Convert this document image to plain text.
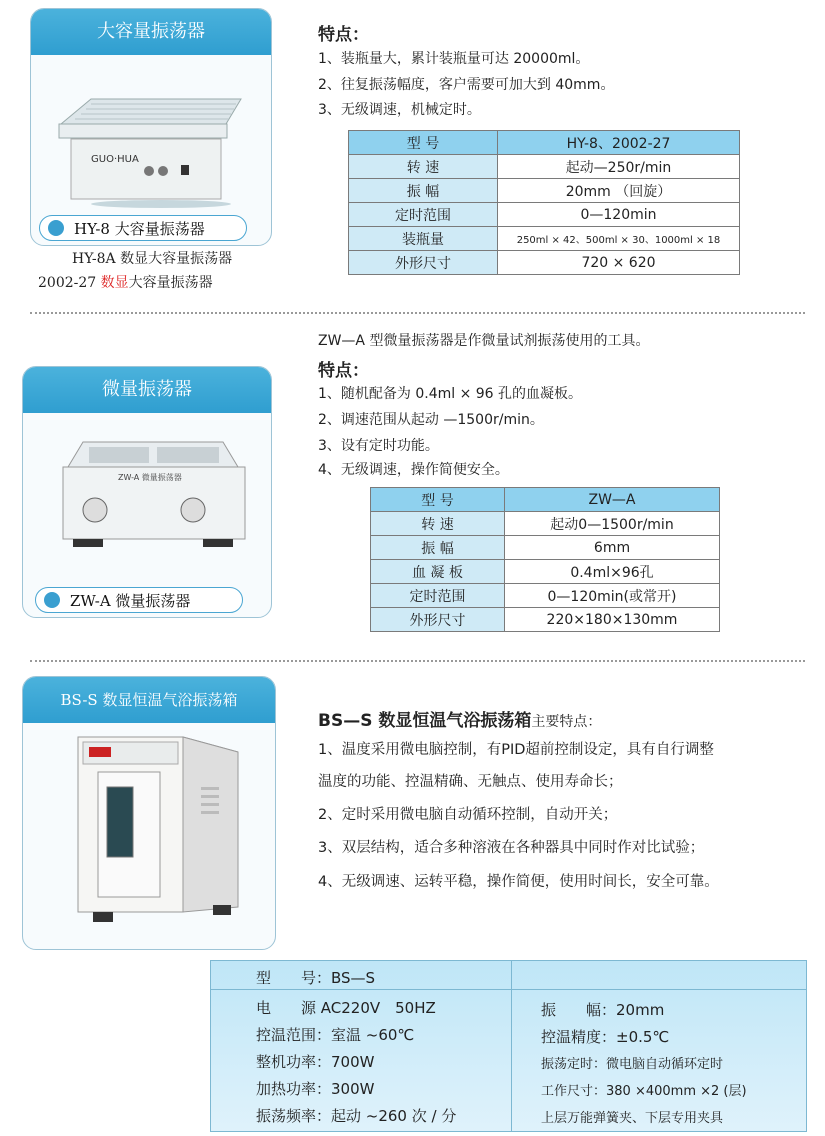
大容量振荡器
GUO·HUA
HY-8 大容量振荡器
HY-8A 数显大容量振荡器
2002-27 数显大容量振荡器
特点：
1、装瓶量大，累计装瓶量可达 20000ml。
2、往复振荡幅度，客户需要可加大到 40mm。
3、无级调速，机械定时。
型 号	HY-8、2002-27
转 速	起动—250r/min
振 幅	20mm （回旋）
定时范围	0—120min
装瓶量	250ml × 42、500ml × 30、1000ml × 18
外形尺寸	720 × 620
ZW—A 型微量振荡器是作微量试剂振荡使用的工具。
特点：
1、随机配备为 0.4ml × 96 孔的血凝板。
2、调速范围从起动 —1500r/min。
3、设有定时功能。
4、无级调速，操作简便安全。
微量振荡器
ZW-A 微量振荡器
ZW-A 微量振荡器
型 号	ZW—A
转 速	起动0—1500r/min
振 幅	6mm
血 凝 板	0.4ml×96孔
定时范围	0—120min(或常开)
外形尺寸	220×180×130mm
BS-S 数显恒温气浴振荡箱
BS—S 数显恒温气浴振荡箱主要特点：
1、温度采用微电脑控制，有PID超前控制设定，具有自行调整
温度的功能、控温精确、无触点、使用寿命长；
2、定时采用微电脑自动循环控制，自动开关；
3、双层结构，适合多种溶液在各种器具中同时作对比试验；
4、无级调速、运转平稳，操作简便，使用时间长，安全可靠。
型　　号：BS—S
电　　源 AC220V　50HZ
控温范围：室温 ~60℃
整机功率：700W
加热功率：300W
振荡频率：起动 ~260 次 / 分
振　　幅：20mm
控温精度：±0.5℃
振荡定时：微电脑自动循环定时
工作尺寸：380 ×400mm ×2 (层)
上层万能弹簧夹、下层专用夹具
